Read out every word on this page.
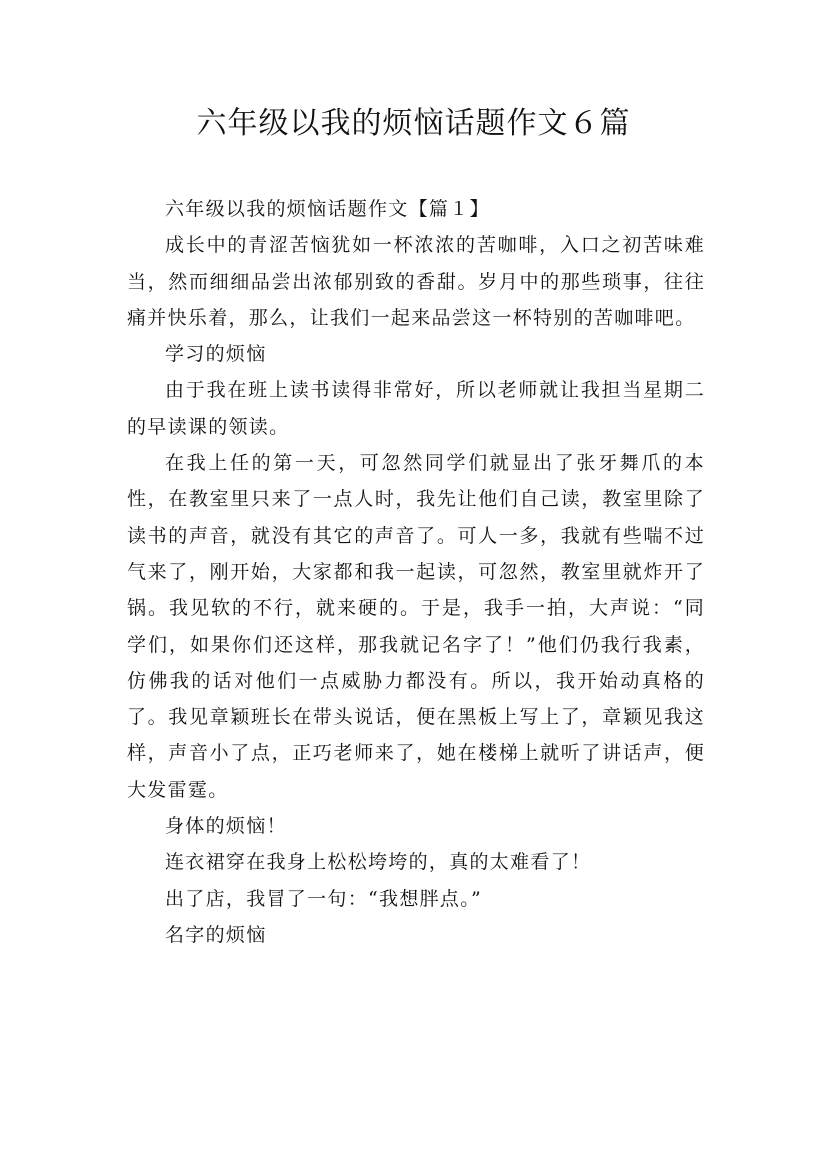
六年级以我的烦恼话题作文６篇

六年级以我的烦恼话题作文【篇１】

成长中的青涩苦恼犹如一杯浓浓的苦咖啡，入口之初苦味难当，然而细细品尝出浓郁别致的香甜。岁月中的那些琐事，往往痛并快乐着，那么，让我们一起来品尝这一杯特别的苦咖啡吧。

学习的烦恼

由于我在班上读书读得非常好，所以老师就让我担当星期二的早读课的领读。

在我上任的第一天，可忽然同学们就显出了张牙舞爪的本性，在教室里只来了一点人时，我先让他们自己读，教室里除了读书的声音，就没有其它的声音了。可人一多，我就有些喘不过气来了，刚开始，大家都和我一起读，可忽然，教室里就炸开了锅。我见软的不行，就来硬的。于是，我手一拍，大声说：“同学们，如果你们还这样，那我就记名字了！”他们仍我行我素，仿佛我的话对他们一点威胁力都没有。所以，我开始动真格的了。我见章颖班长在带头说话，便在黑板上写上了，章颖见我这样，声音小了点，正巧老师来了，她在楼梯上就听了讲话声，便大发雷霆。

身体的烦恼！

连衣裙穿在我身上松松垮垮的，真的太难看了！

出了店，我冒了一句：“我想胖点。”

名字的烦恼
